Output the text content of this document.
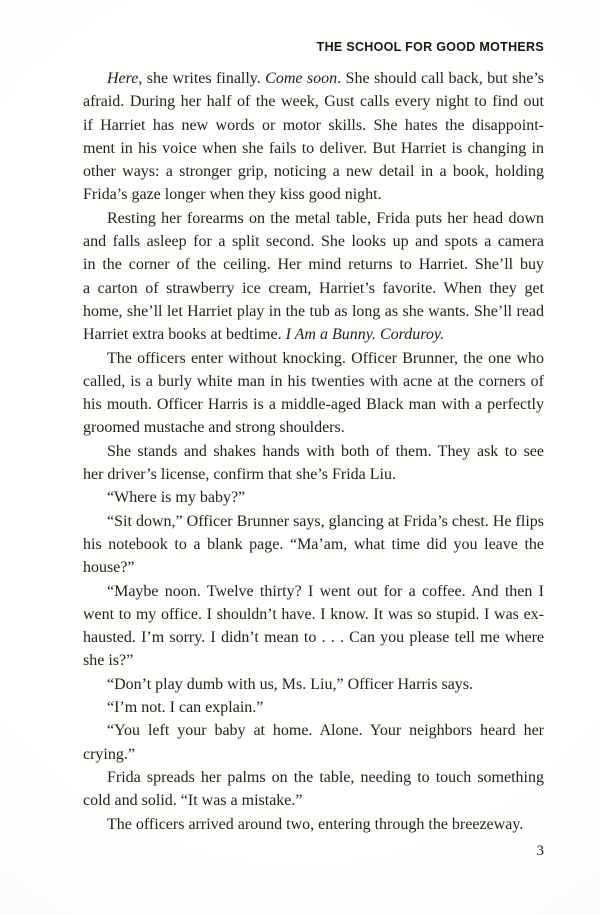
THE SCHOOL FOR GOOD MOTHERS
Here, she writes finally. Come soon. She should call back, but she’s
afraid. During her half of the week, Gust calls every night to find out
if Harriet has new words or motor skills. She hates the disappoint-
ment in his voice when she fails to deliver. But Harriet is changing in
other ways: a stronger grip, noticing a new detail in a book, holding
Frida’s gaze longer when they kiss good night.
Resting her forearms on the metal table, Frida puts her head down
and falls asleep for a split second. She looks up and spots a camera
in the corner of the ceiling. Her mind returns to Harriet. She’ll buy
a carton of strawberry ice cream, Harriet’s favorite. When they get
home, she’ll let Harriet play in the tub as long as she wants. She’ll read
Harriet extra books at bedtime. I Am a Bunny. Corduroy.
The officers enter without knocking. Officer Brunner, the one who
called, is a burly white man in his twenties with acne at the corners of
his mouth. Officer Harris is a middle-aged Black man with a perfectly
groomed mustache and strong shoulders.
She stands and shakes hands with both of them. They ask to see
her driver’s license, confirm that she’s Frida Liu.
“Where is my baby?”
“Sit down,” Officer Brunner says, glancing at Frida’s chest. He flips
his notebook to a blank page. “Ma’am, what time did you leave the
house?”
“Maybe noon. Twelve thirty? I went out for a coffee. And then I
went to my office. I shouldn’t have. I know. It was so stupid. I was ex-
hausted. I’m sorry. I didn’t mean to . . . Can you please tell me where
she is?”
“Don’t play dumb with us, Ms. Liu,” Officer Harris says.
“I’m not. I can explain.”
“You left your baby at home. Alone. Your neighbors heard her
crying.”
Frida spreads her palms on the table, needing to touch something
cold and solid. “It was a mistake.”
The officers arrived around two, entering through the breezeway.
3
